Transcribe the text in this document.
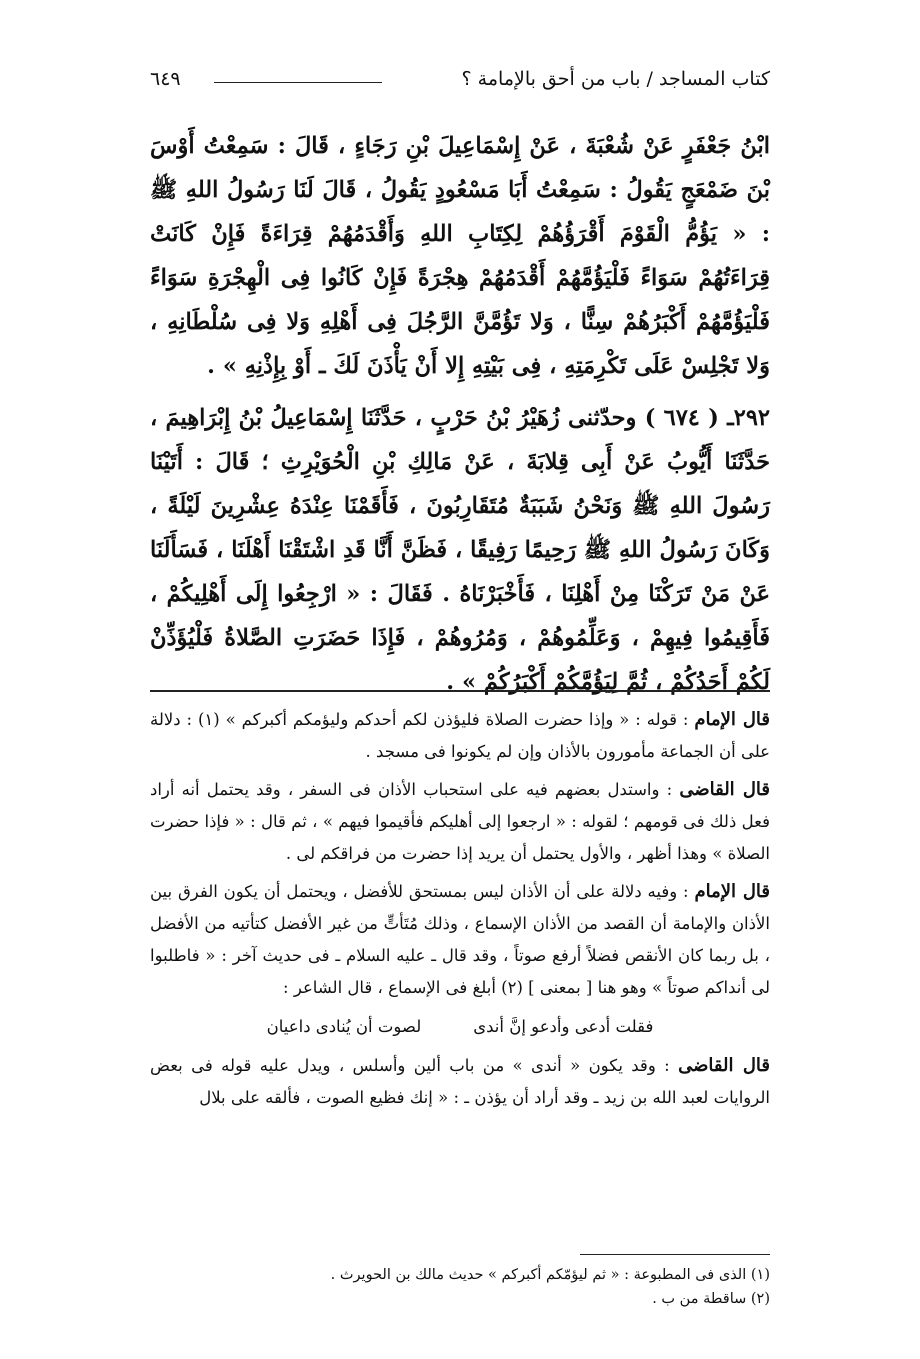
كتاب المساجد / باب من أحق بالإمامة ؟
٦٤٩

ابْنُ جَعْفَرٍ عَنْ شُعْبَةَ ، عَنْ إِسْمَاعِيلَ بْنِ رَجَاءٍ ، قَالَ : سَمِعْتُ أَوْسَ بْنَ ضَمْعَجٍ يَقُولُ : سَمِعْتُ أَبَا مَسْعُودٍ يَقُولُ ، قَالَ لَنَا رَسُولُ اللهِ ﷺ : « يَؤُمُّ الْقَوْمَ أَقْرَؤُهُمْ لِكِتَابِ اللهِ وَأَقْدَمُهُمْ قِرَاءَةً فَإِنْ كَانَتْ قِرَاءَتُهُمْ سَوَاءً فَلْيَؤُمَّهُمْ أَقْدَمُهُمْ هِجْرَةً فَإِنْ كَانُوا فِى الْهِجْرَةِ سَوَاءً فَلْيَؤُمَّهُمْ أَكْبَرُهُمْ سِنًّا ، وَلا تَؤُمَّنَّ الرَّجُلَ فِى أَهْلِهِ وَلا فِى سُلْطَانِهِ ، وَلا تَجْلِسْ عَلَى تَكْرِمَتِهِ ، فِى بَيْتِهِ إِلا أَنْ يَأْذَنَ لَكَ ـ أَوْ بِإِذْنِهِ » .

٢٩٢ـ ( ٦٧٤ ) وحدّثنى زُهَيْرُ بْنُ حَرْبٍ ، حَدَّثَنَا إِسْمَاعِيلُ بْنُ إِبْرَاهِيمَ ، حَدَّثَنَا أَيُّوبُ عَنْ أَبِى قِلابَةَ ، عَنْ مَالِكِ بْنِ الْحُوَيْرِثِ ؛ قَالَ : أَتَيْنَا رَسُولَ اللهِ ﷺ وَنَحْنُ شَبَبَةٌ مُتَقَارِبُونَ ، فَأَقَمْنَا عِنْدَهُ عِشْرِينَ لَيْلَةً ، وَكَانَ رَسُولُ اللهِ ﷺ رَحِيمًا رَفِيقًا ، فَظَنَّ أَنَّا قَدِ اشْتَقْنَا أَهْلَنَا ، فَسَأَلَنَا عَنْ مَنْ تَرَكْنَا مِنْ أَهْلِنَا ، فَأَخْبَرْنَاهُ . فَقَالَ : « ارْجِعُوا إِلَى أَهْلِيكُمْ ، فَأَقِيمُوا فِيهِمْ ، وَعَلِّمُوهُمْ ، وَمُرُوهُمْ ، فَإِذَا حَضَرَتِ الصَّلاةُ فَلْيُؤَذِّنْ لَكُمْ أَحَدُكُمْ ، ثُمَّ لِيَؤُمَّكُمْ أَكْبَرُكُمْ » .

قال الإمام : قوله : « وإذا حضرت الصلاة فليؤذن لكم أحدكم وليؤمكم أكبركم » (١) : دلالة على أن الجماعة مأمورون بالأذان وإن لم يكونوا فى مسجد .

قال القاضى : واستدل بعضهم فيه على استحباب الأذان فى السفر ، وقد يحتمل أنه أراد فعل ذلك فى قومهم ؛ لقوله : « ارجعوا إلى أهليكم فأقيموا فيهم » ، ثم قال : « فإذا حضرت الصلاة » وهذا أظهر ، والأول يحتمل أن يريد إذا حضرت من فراقكم لى .

قال الإمام : وفيه دلالة على أن الأذان ليس بمستحق للأفضل ، ويحتمل أن يكون الفرق بين الأذان والإمامة أن القصد من الأذان الإسماع ، وذلك مُتَأتٍّ من غير الأفضل كتأتيه من الأفضل ، بل ربما كان الأنقص فضلاً أرفع صوتاً ، وقد قال ـ عليه السلام ـ فى حديث آخر : « فاطلبوا لى أنداكم صوتاً » وهو هنا [ بمعنى ] (٢) أبلغ فى الإسماع ، قال الشاعر :

فقلت أدعى وأدعو إنَّ أندى
لصوت أن يُنادى داعيان

قال القاضى : وقد يكون « أندى » من باب ألين وأسلس ، ويدل عليه قوله فى بعض الروايات لعبد الله بن زيد ـ وقد أراد أن يؤذن ـ : « إنك فظيع الصوت ، فألقه على بلال

(١) الذى فى المطبوعة : « ثم ليؤمّكم أكبركم » حديث مالك بن الحويرث .

(٢) ساقطة من ب .
